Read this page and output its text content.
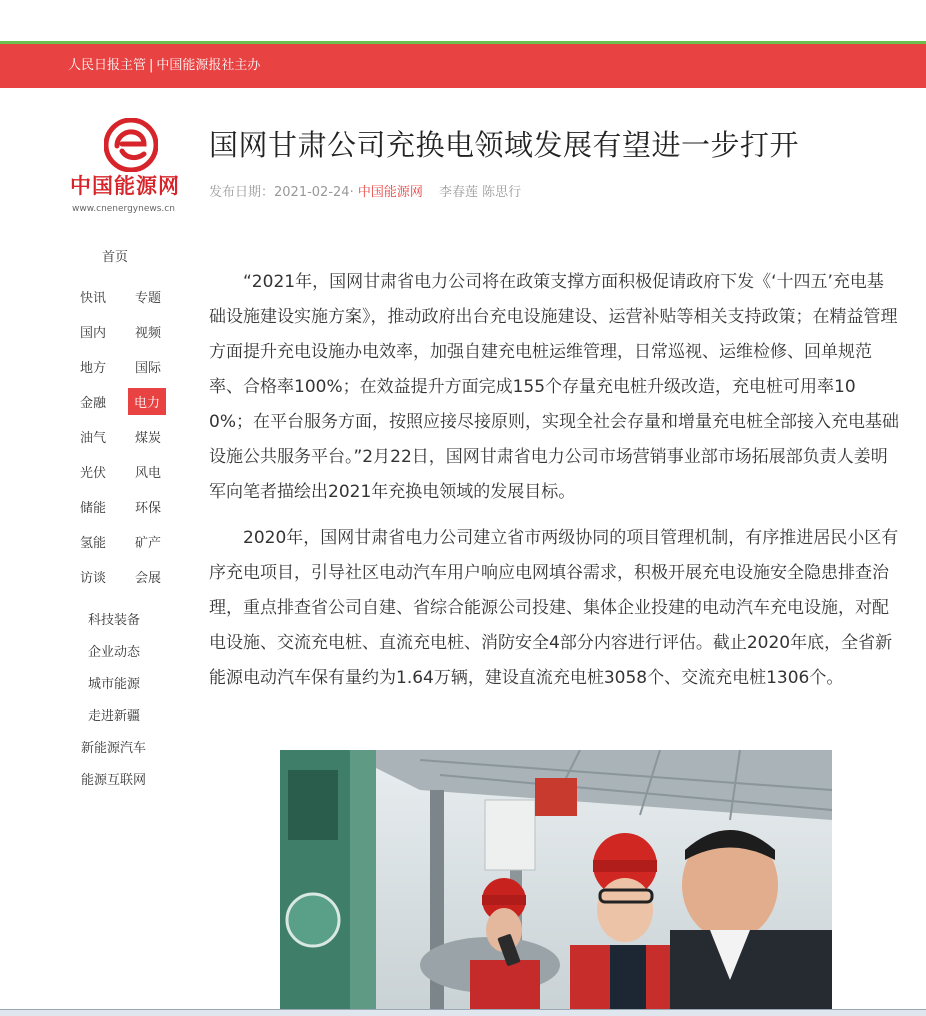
人民日报主管 | 中国能源报社主办
中国能源网
www.cnenergynews.cn
首页
快讯 专题
国内 视频
地方 国际
金融	电力
油气 煤炭
光伏 风电
储能 环保
氢能 矿产
访谈 会展
科技装备
企业动态
城市能源
走进新疆
新能源汽车
能源互联网
国网甘肃公司充换电领域发展有望进一步打开
发布日期：2021-02-24· 中国能源网 李春莲 陈思行

“2021年，国网甘肃省电力公司将在政策支撑方面积极促请政府下发《‘十四五’充电基础设施建设实施方案》，推动政府出台充电设施建设、运营补贴等相关支持政策；在精益管理方面提升充电设施办电效率，加强自建充电桩运维管理，日常巡视、运维检修、回单规范率、合格率100%；在效益提升方面完成155个存量充电桩升级改造，充电桩可用率100%；在平台服务方面，按照应接尽接原则，实现全社会存量和增量充电桩全部接入充电基础设施公共服务平台。”2月22日，国网甘肃省电力公司市场营销事业部市场拓展部负责人姜明军向笔者描绘出2021年充换电领域的发展目标。

2020年，国网甘肃省电力公司建立省市两级协同的项目管理机制，有序推进居民小区有序充电项目，引导社区电动汽车用户响应电网填谷需求，积极开展充电设施安全隐患排查治理，重点排查省公司自建、省综合能源公司投建、集体企业投建的电动汽车充电设施，对配电设施、交流充电桩、直流充电桩、消防安全4部分内容进行评估。截止2020年底，全省新能源电动汽车保有量约为1.64万辆，建设直流充电桩3058个、交流充电桩1306个。
